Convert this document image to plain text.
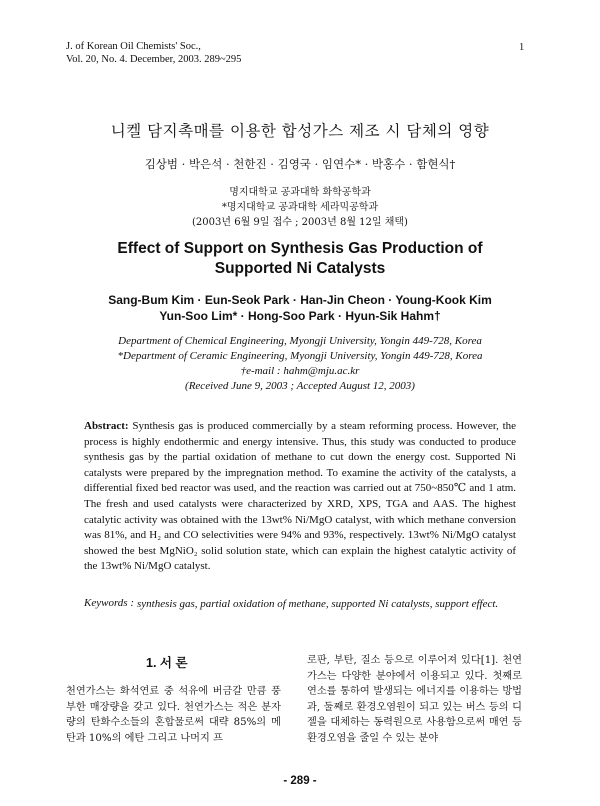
J. of Korean Oil Chemists' Soc.,
Vol. 20, No. 4. December, 2003. 289~295
1
니켈 담지촉매를 이용한 합성가스 제조 시 담체의 영향
김상범 · 박은석 · 천한진 · 김영국 · 임연수* · 박홍수 · 함현식†
명지대학교 공과대학 화학공학과
*명지대학교 공과대학 세라믹공학과
(2003년 6월 9일 접수 ; 2003년 8월 12일 채택)
Effect of Support on Synthesis Gas Production of
Supported Ni Catalysts
Sang-Bum Kim · Eun-Seok Park · Han-Jin Cheon · Young-Kook Kim
Yun-Soo Lim* · Hong-Soo Park · Hyun-Sik Hahm†
Department of Chemical Engineering, Myongji University, Yongin 449-728, Korea
*Department of Ceramic Engineering, Myongji University, Yongin 449-728, Korea
†e-mail : hahm@mju.ac.kr
(Received June 9, 2003 ; Accepted August 12, 2003)
Abstract: Synthesis gas is produced commercially by a steam reforming process. However, the process is highly endothermic and energy intensive. Thus, this study was conducted to produce synthesis gas by the partial oxidation of methane to cut down the energy cost. Supported Ni catalysts were prepared by the impregnation method. To examine the activity of the catalysts, a differential fixed bed reactor was used, and the reaction was carried out at 750~850℃ and 1 atm. The fresh and used catalysts were characterized by XRD, XPS, TGA and AAS. The highest catalytic activity was obtained with the 13wt% Ni/MgO catalyst, with which methane conversion was 81%, and H₂ and CO selectivities were 94% and 93%, respectively. 13wt% Ni/MgO catalyst showed the best MgNiO₂ solid solution state, which can explain the highest catalytic activity of the 13wt% Ni/MgO catalyst.
Keywords : synthesis gas, partial oxidation of methane, supported Ni catalysts, support effect.
1. 서 론

천연가스는 화석연료 중 석유에 버금갈 만큼 풍부한 매장량을 갖고 있다. 천연가스는 적은 분자량의 탄화수소들의 혼합물로써 대략 85%의 메탄과 10%의 에탄 그리고 나머지 프

로판, 부탄, 질소 등으로 이루어져 있다[1]. 천연가스는 다양한 분야에서 이용되고 있다. 첫째로 연소를 통하여 발생되는 에너지를 이용하는 방법과, 둘째로 환경오염원이 되고 있는 버스 등의 디젤을 대체하는 동력원으로 사용함으로써 매연 등 환경오염을 줄일 수 있는 분야

- 289 -
